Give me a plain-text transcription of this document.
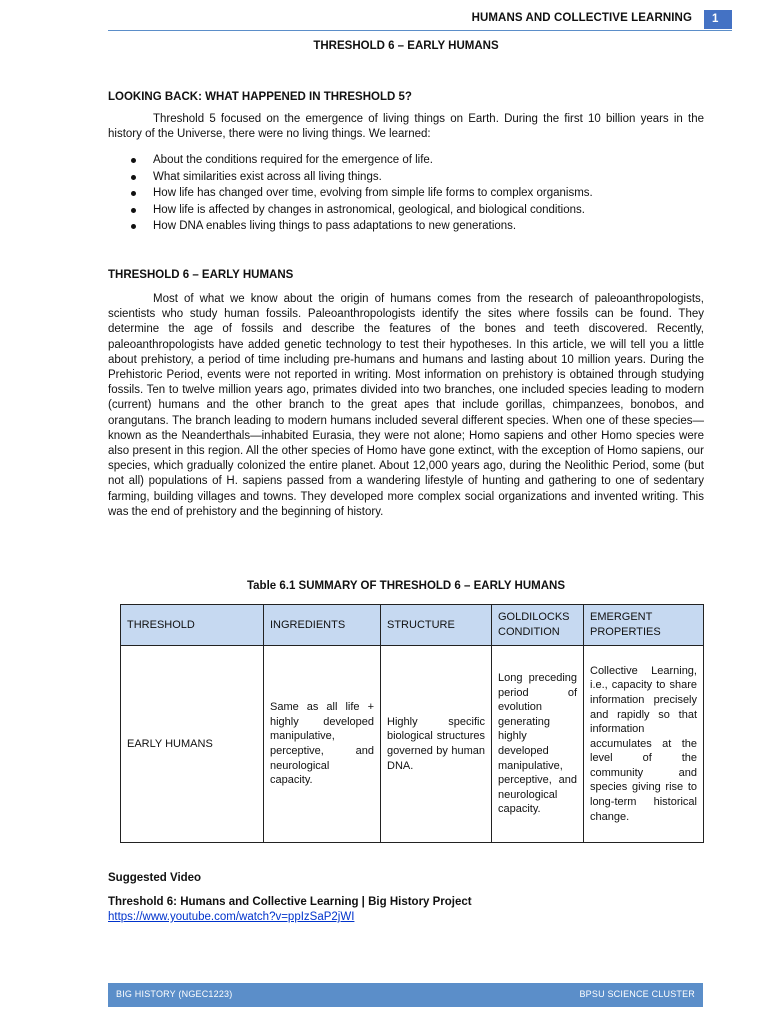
HUMANS AND COLLECTIVE LEARNING	1
THRESHOLD 6 – EARLY HUMANS
LOOKING BACK: WHAT HAPPENED IN THRESHOLD 5?

Threshold 5 focused on the emergence of living things on Earth. During the first 10 billion years in the history of the Universe, there were no living things. We learned:

About the conditions required for the emergence of life.
What similarities exist across all living things.
How life has changed over time, evolving from simple life forms to complex organisms.
How life is affected by changes in astronomical, geological, and biological conditions.
How DNA enables living things to pass adaptations to new generations.
THRESHOLD 6 – EARLY HUMANS

Most of what we know about the origin of humans comes from the research of paleoanthropologists, scientists who study human fossils. Paleoanthropologists identify the sites where fossils can be found. They determine the age of fossils and describe the features of the bones and teeth discovered. Recently, paleoanthropologists have added genetic technology to test their hypotheses. In this article, we will tell you a little about prehistory, a period of time including pre-humans and humans and lasting about 10 million years. During the Prehistoric Period, events were not reported in writing. Most information on prehistory is obtained through studying fossils. Ten to twelve million years ago, primates divided into two branches, one included species leading to modern (current) humans and the other branch to the great apes that include gorillas, chimpanzees, bonobos, and orangutans. The branch leading to modern humans included several different species. When one of these species—known as the Neanderthals—inhabited Eurasia, they were not alone; Homo sapiens and other Homo species were also present in this region. All the other species of Homo have gone extinct, with the exception of Homo sapiens, our species, which gradually colonized the entire planet. About 12,000 years ago, during the Neolithic Period, some (but not all) populations of H. sapiens passed from a wandering lifestyle of hunting and gathering to one of sedentary farming, building villages and towns. They developed more complex social organizations and invented writing. This was the end of prehistory and the beginning of history.

Table 6.1 SUMMARY OF THRESHOLD 6 – EARLY HUMANS
THRESHOLD	INGREDIENTS	STRUCTURE	GOLDILOCKS CONDITION	EMERGENT PROPERTIES
EARLY HUMANS	Same as all life + highly developed manipulative, perceptive, and neurological capacity.	Highly specific biological structures governed by human DNA.	Long preceding period of evolution generating highly developed manipulative, perceptive, and neurological capacity.	Collective Learning, i.e., capacity to share information precisely and rapidly so that information accumulates at the level of the community and species giving rise to long-term historical change.
Suggested Video
Threshold 6: Humans and Collective Learning | Big History Project
https://www.youtube.com/watch?v=ppIzSaP2jWI
BIG HISTORY (NGEC1223)	BPSU SCIENCE CLUSTER
